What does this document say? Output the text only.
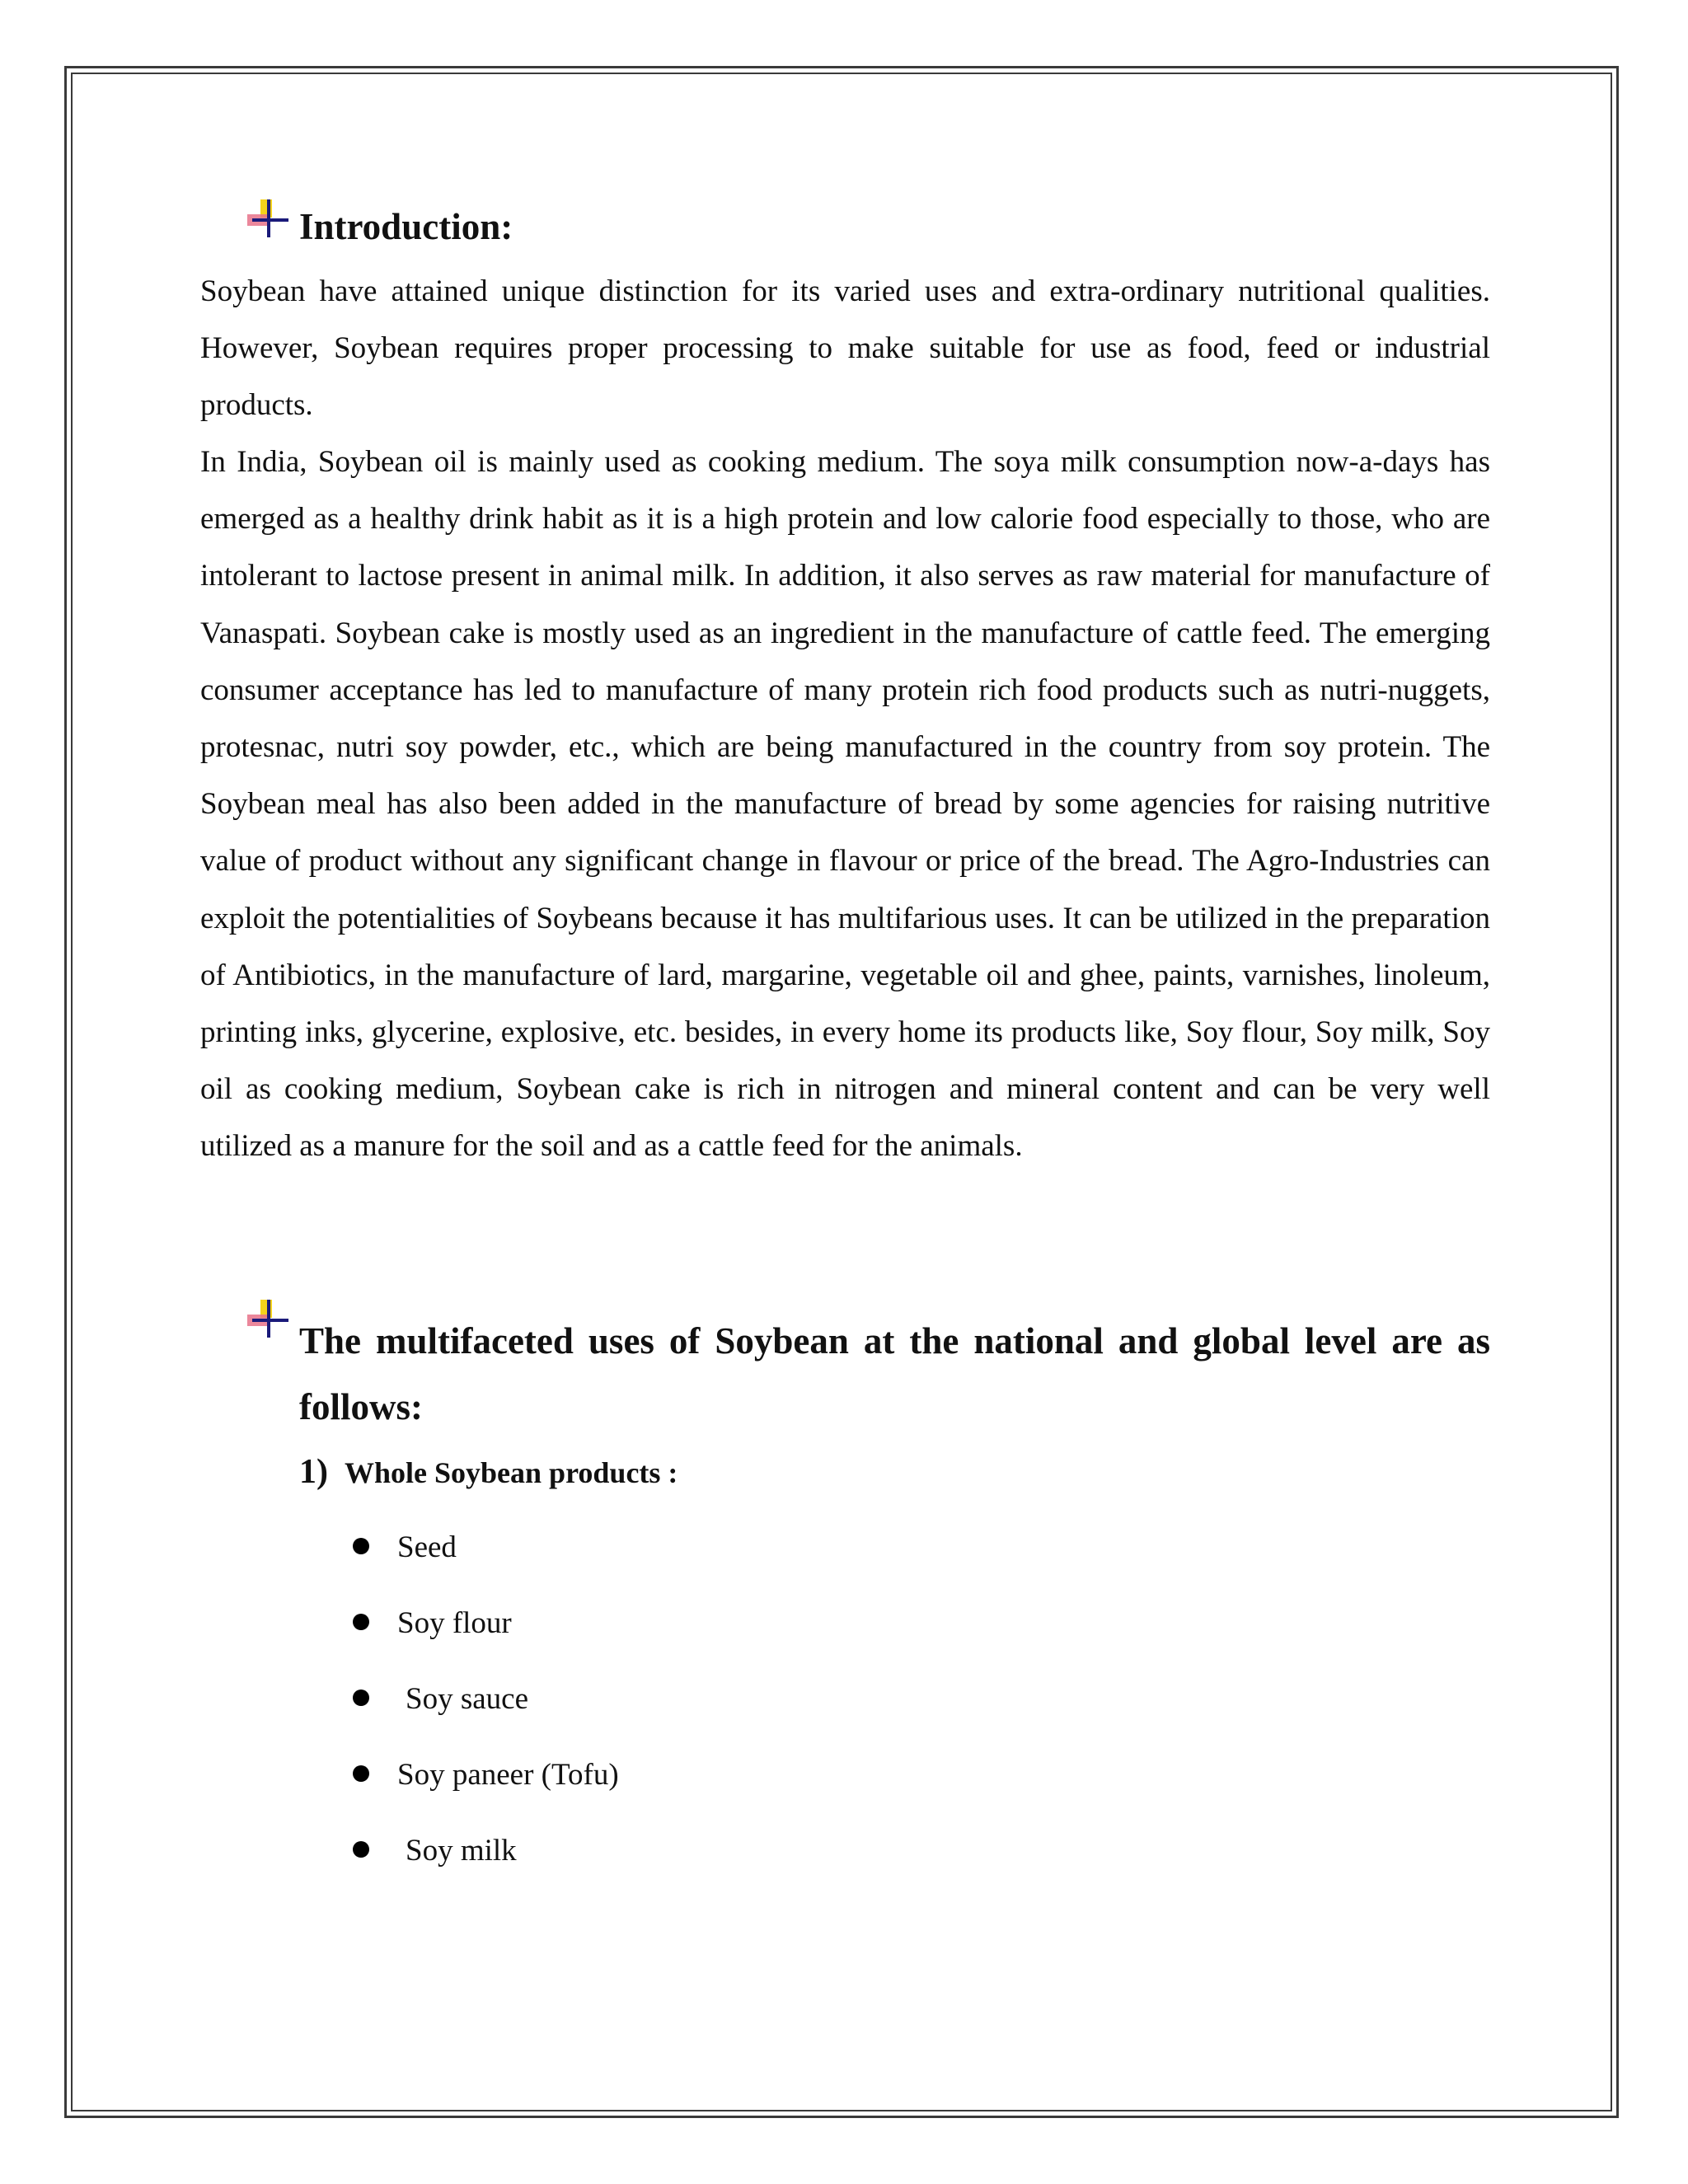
Introduction:

Soybean have attained unique distinction for its varied uses and extra-ordinary nutritional qualities. However, Soybean requires proper processing to make suitable for use as food, feed or industrial products.

In India, Soybean oil is mainly used as cooking medium. The soya milk consumption now-a-days has emerged as a healthy drink habit as it is a high protein and low calorie food especially to those, who are intolerant to lactose present in animal milk. In addition, it also serves as raw material for manufacture of Vanaspati. Soybean cake is mostly used as an ingredient in the manufacture of cattle feed. The emerging consumer acceptance has led to manufacture of many protein rich food products such as nutri-nuggets, protesnac, nutri soy powder, etc., which are being manufactured in the country from soy protein. The Soybean meal has also been added in the manufacture of bread by some agencies for raising nutritive value of product without any significant change in flavour or price of the bread. The Agro-Industries can exploit the potentialities of Soybeans because it has multifarious uses. It can be utilized in the preparation of Antibiotics, in the manufacture of lard, margarine, vegetable oil and ghee, paints, varnishes, linoleum, printing inks, glycerine, explosive, etc. besides, in every home its products like, Soy flour, Soy milk, Soy oil as cooking medium, Soybean cake is rich in nitrogen and mineral content and can be very well utilized as a manure for the soil and as a cattle feed for the animals.

The multifaceted uses of Soybean at the national and global level are as follows:

1) Whole Soybean products :
Seed
Soy flour
Soy sauce
Soy paneer (Tofu)
Soy milk
